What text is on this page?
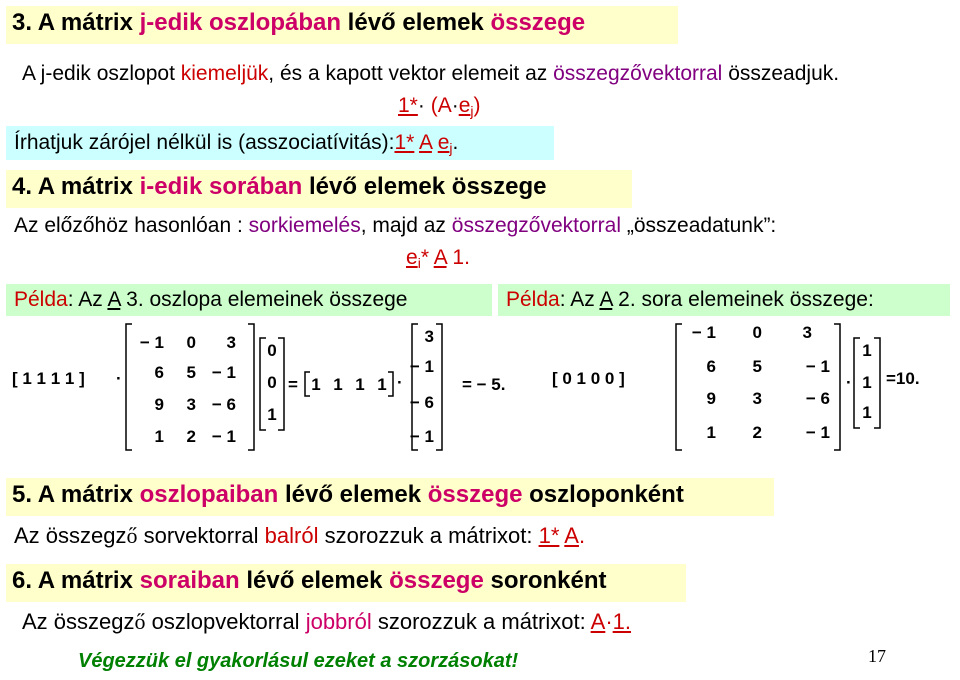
3. A mátrix j-edik oszlopában lévő elemek összege
A j-edik oszlopot kiemeljük, és a kapott vektor elemeit az összegzővektorral összeadjuk.
$1*\cdot (A\cdot e_j)$
Írhatjuk zárójel nélkül is (asszociatívitás):1* A $e_j$.
4. A mátrix i-edik sorában lévő elemek összege
Az előzőhöz hasonlóan : sorkiemelés, majd az összegzővektorral „összeadatunk”:
$e_i*$ A 1.
Példa: Az A 3. oszlopa elemeinek összege	Példa: Az A 2. sora elemeinek összege:
[ 1 1 1 1 ] ·
− 1 0 3
6 5 − 1
9 3 − 6
1 2 − 1
0
0
1
= 1 1 1 1 ·
3
− 1
− 6
− 1
= − 5.	[ 0 1 0 0 ]
− 1 0 3
6 5	− 1
9 3	− 6
1 2	− 1
·
1
1
1
=10.
5. A mátrix oszlopaiban lévő elemek összege oszloponként
Az összegző sorvektorral balról szorozzuk a mátrixot: 1* A.
6. A mátrix soraiban lévő elemek összege soronként
Az összegző oszlopvektorral jobbról szorozzuk a mátrixot: A·1.
Végezzük el gyakorlásul ezeket a szorzásokat!	17
